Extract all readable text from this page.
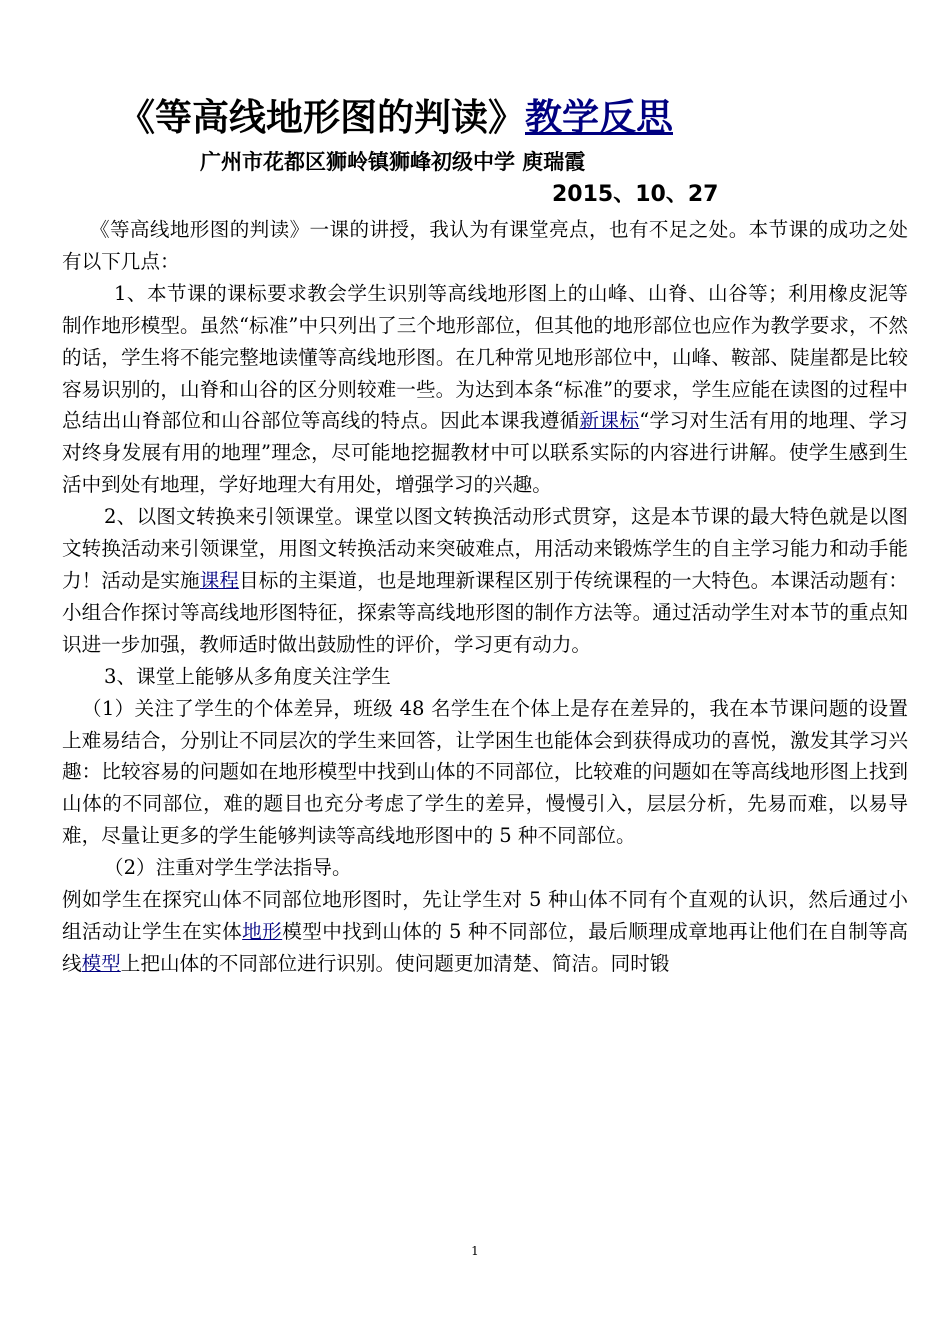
《等高线地形图的判读》教学反思
广州市花都区狮岭镇狮峰初级中学 庾瑞霞
2015、10、27

《等高线地形图的判读》一课的讲授，我认为有课堂亮点，也有不足之处。本节课的成功之处有以下几点：

1、本节课的课标要求教会学生识别等高线地形图上的山峰、山脊、山谷等；利用橡皮泥等制作地形模型。虽然“标准”中只列出了三个地形部位，但其他的地形部位也应作为教学要求，不然的话，学生将不能完整地读懂等高线地形图。在几种常见地形部位中，山峰、鞍部、陡崖都是比较容易识别的，山脊和山谷的区分则较难一些。为达到本条“标准”的要求，学生应能在读图的过程中总结出山脊部位和山谷部位等高线的特点。因此本课我遵循新课标“学习对生活有用的地理、学习对终身发展有用的地理”理念，尽可能地挖掘教材中可以联系实际的内容进行讲解。使学生感到生活中到处有地理，学好地理大有用处，增强学习的兴趣。

2、以图文转换来引领课堂。课堂以图文转换活动形式贯穿，这是本节课的最大特色就是以图文转换活动来引领课堂，用图文转换活动来突破难点，用活动来锻炼学生的自主学习能力和动手能力！活动是实施课程目标的主渠道，也是地理新课程区别于传统课程的一大特色。本课活动题有：小组合作探讨等高线地形图特征，探索等高线地形图的制作方法等。通过活动学生对本节的重点知识进一步加强，教师适时做出鼓励性的评价，学习更有动力。

3、课堂上能够从多角度关注学生

（1）关注了学生的个体差异，班级 48 名学生在个体上是存在差异的，我在本节课问题的设置上难易结合，分别让不同层次的学生来回答，让学困生也能体会到获得成功的喜悦，激发其学习兴趣：比较容易的问题如在地形模型中找到山体的不同部位，比较难的问题如在等高线地形图上找到山体的不同部位，难的题目也充分考虑了学生的差异，慢慢引入，层层分析，先易而难，以易导难，尽量让更多的学生能够判读等高线地形图中的 5 种不同部位。

（2）注重对学生学法指导。

例如学生在探究山体不同部位地形图时，先让学生对 5 种山体不同有个直观的认识，然后通过小组活动让学生在实体地形模型中找到山体的 5 种不同部位，最后顺理成章地再让他们在自制等高线模型上把山体的不同部位进行识别。使问题更加清楚、简洁。同时锻

1
